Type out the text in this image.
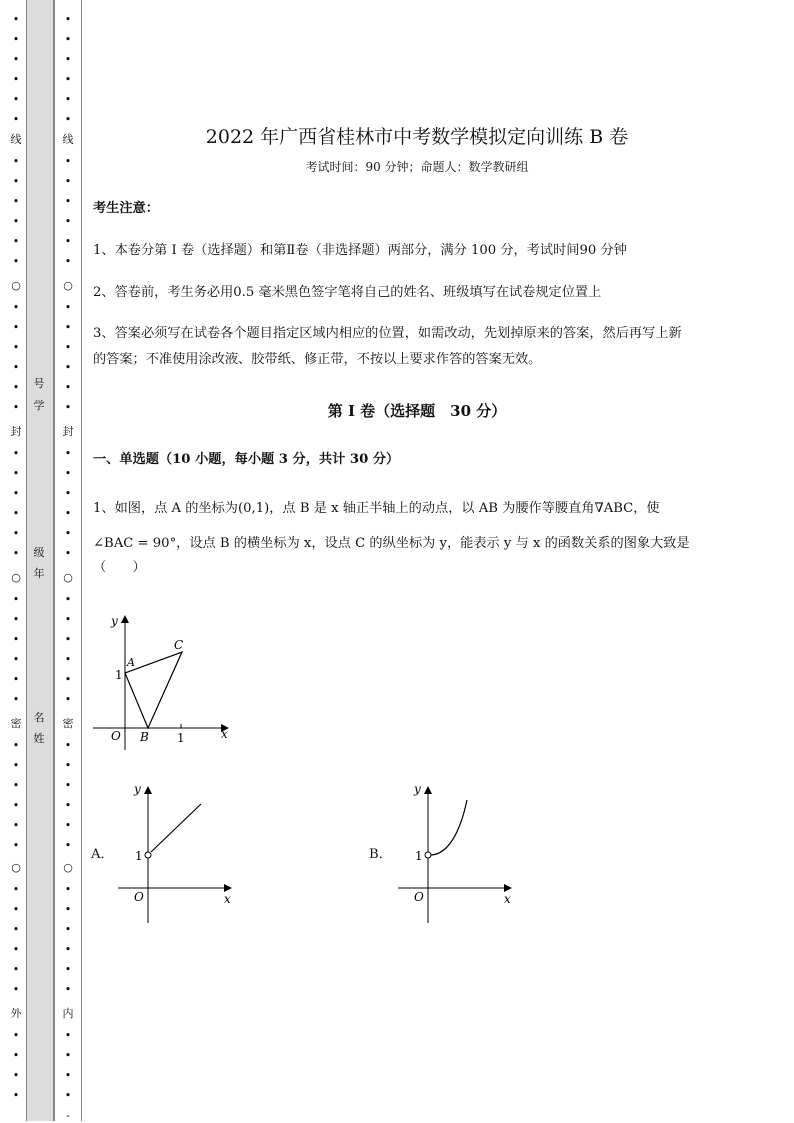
•
•
•
•
•
•
线
•
•
•
•
•
•
○
•
•
•
•
•
•
封
•
•
•
•
•
•
○
•
•
•
•
•
•
密
•
•
•
•
•
•
○
•
•
•
•
•
•
外
•
•
•
•
•
•
•
•
•
•
线
•
•
•
•
•
•
○
•
•
•
•
•
•
封
•
•
•
•
•
•
○
•
•
•
•
•
•
密
•
•
•
•
•
•
○
•
•
•
•
•
•
内
•
•
•
•
-
号
学
级
年
名
姓
2022 年广西省桂林市中考数学模拟定向训练 B 卷
考试时间：90 分钟；命题人：数学教研组
考生注意：
1、本卷分第 I 卷（选择题）和第Ⅱ卷（非选择题）两部分，满分 100 分，考试时间90 分钟
2、答卷前，考生务必用0.5 毫米黑色签字笔将自己的姓名、班级填写在试卷规定位置上
3、答案必须写在试卷各个题目指定区域内相应的位置，如需改动，先划掉原来的答案，然后再写上新
的答案；不准使用涂改液、胶带纸、修正带，不按以上要求作答的答案无效。
第 I 卷（选择题　30 分）
一、单选题（10 小题，每小题 3 分，共计 30 分）
1、如图，点 A 的坐标为(0,1)，点 B 是 x 轴正半轴上的动点，以 AB 为腰作等腰直角∇ABC，使
∠BAC = 90°，设点 B 的横坐标为 x，设点 C 的纵坐标为 y，能表示 y 与 x 的函数关系的图象大致是
（　　）
y
x
O
1
1
A
B
C
A．
y
x
O
1	B．
y
x
O
1
